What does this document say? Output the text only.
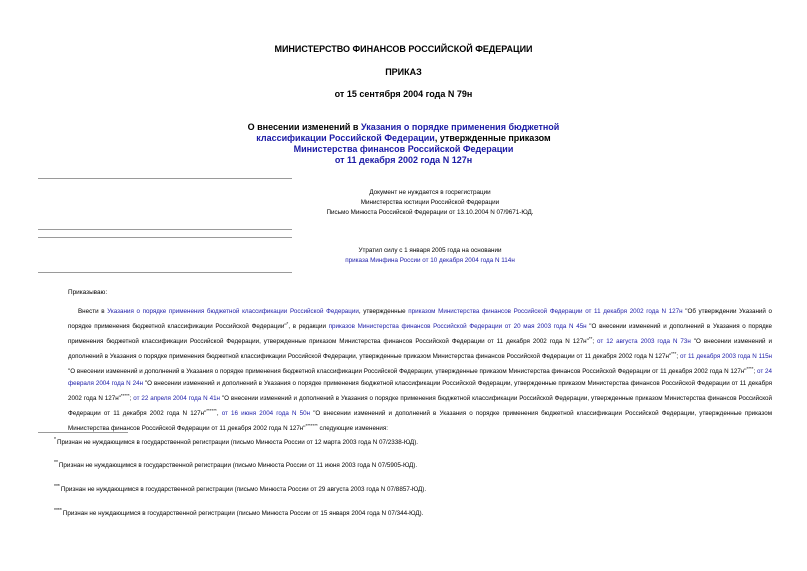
МИНИСТЕРСТВО ФИНАНСОВ РОССИЙСКОЙ ФЕДЕРАЦИИ
ПРИКАЗ
от 15 сентября 2004 года N 79н
О внесении изменений в Указания о порядке применения бюджетной
классификации Российской Федерации, утвержденные приказом
Министерства финансов Российской Федерации
от 11 декабря 2002 года N 127н
Документ не нуждается в госрегистрации
Министерства юстиции Российской Федерации
Письмо Минюста Российской Федерации от 13.10.2004 N 07/9671-ЮД.
Утратил силу с 1 января 2005 года на основании
приказа Минфина России от 10 декабря 2004 года N 114н
Приказываю:
Внести в Указания о порядке применения бюджетной классификации Российской Федерации, утвержденные приказом Министерства финансов Российской Федерации от 11 декабря 2002 года N 127н "Об утверждении Указаний о порядке применения бюджетной классификации Российской Федерации"*, в редакции приказов Министерства финансов Российской Федерации от 20 мая 2003 года N 45н "О внесении изменений и дополнений в Указания о порядке применения бюджетной классификации Российской Федерации, утвержденные приказом Министерства финансов Российской Федерации от 11 декабря 2002 года N 127н"**; от 12 августа 2003 года N 73н "О внесении изменений и дополнений в Указания о порядке применения бюджетной классификации Российской Федерации, утвержденные приказом Министерства финансов Российской Федерации от 11 декабря 2002 года N 127н"***; от 11 декабря 2003 года N 115н "О внесении изменений и дополнений в Указания о порядке применения бюджетной классификации Российской Федерации, утвержденные приказом Министерства финансов Российской Федерации от 11 декабря 2002 года N 127н"****; от 24 февраля 2004 года N 24н "О внесении изменений и дополнений в Указания о порядке применения бюджетной классификации Российской Федерации, утвержденные приказом Министерства финансов Российской Федерации от 11 декабря 2002 года N 127н"*****; от 22 апреля 2004 года N 41н "О внесении изменений и дополнений в Указания о порядке применения бюджетной классификации Российской Федерации, утвержденные приказом Министерства финансов Российской Федерации от 11 декабря 2002 года N 127н"******, от 16 июня 2004 года N 50н "О внесении изменений и дополнений в Указания о порядке применения бюджетной классификации Российской Федерации, утвержденные приказом Министерства финансов Российской Федерации от 11 декабря 2002 года N 127н"******* следующие изменения:
*Признан не нуждающимся в государственной регистрации (письмо Минюста России от 12 марта 2003 года N 07/2338-ЮД).
**Признан не нуждающимся в государственной регистрации (письмо Минюста России от 11 июня 2003 года N 07/5905-ЮД).
***Признан не нуждающимся в государственной регистрации (письмо Минюста России от 29 августа 2003 года N 07/8857-ЮД).
****Признан не нуждающимся в государственной регистрации (письмо Минюста России от 15 января 2004 года N 07/344-ЮД).
